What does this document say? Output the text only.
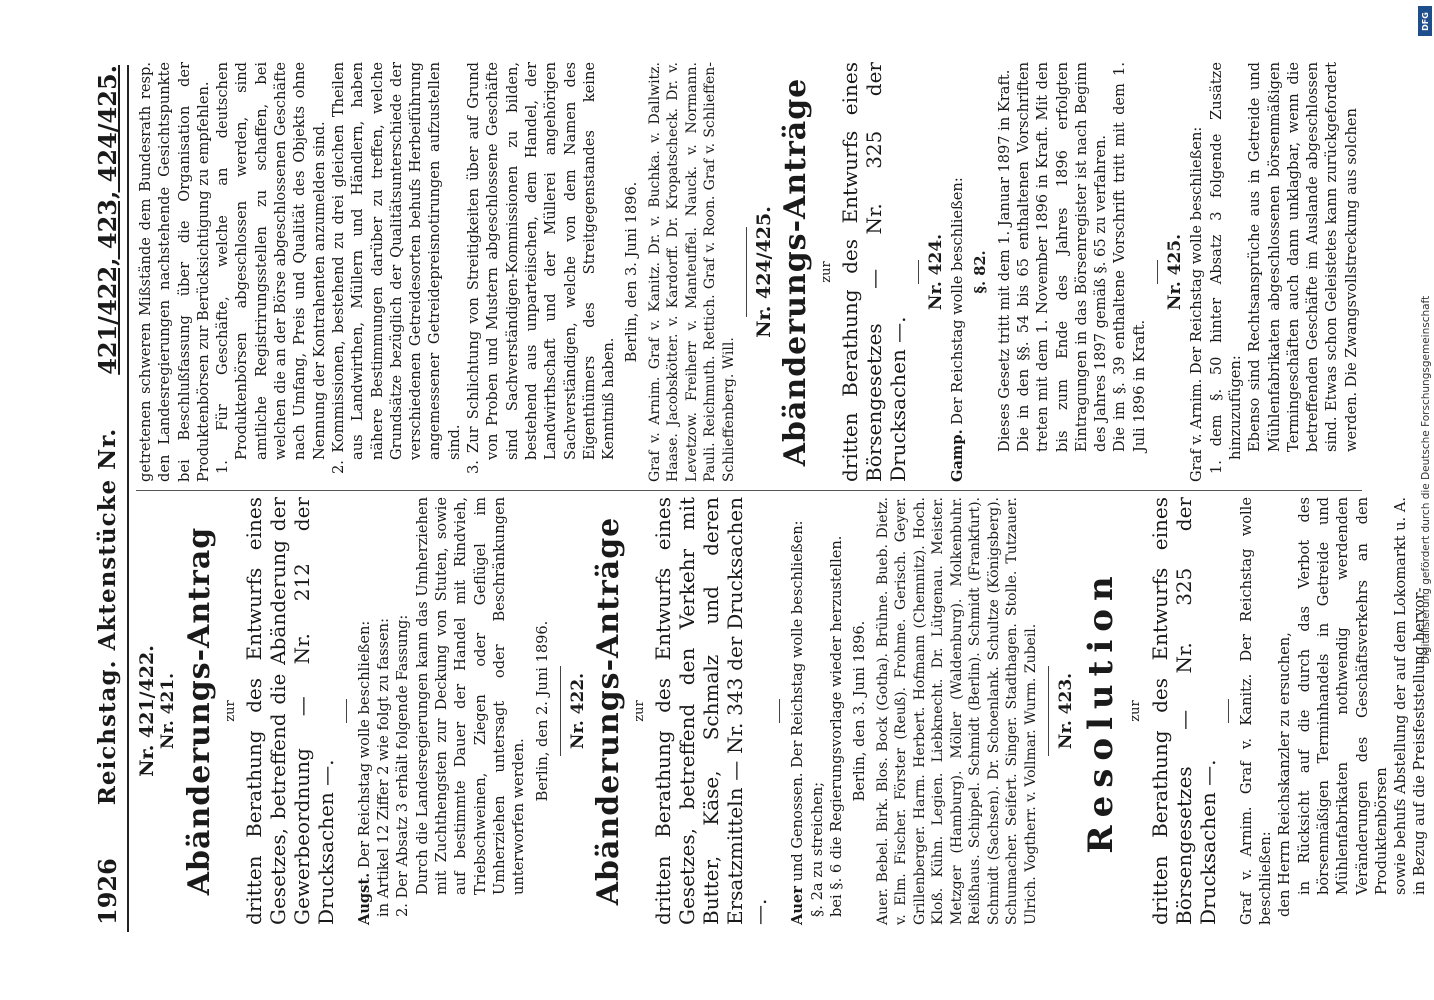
1926
Reichstag. Aktenstücke Nr.
421/422, 423, 424/425.
Nr. 421/422. Nr. 421. Abänderungs-Antrag zur dritten Berathung des Entwurfs eines Gesetzes, betreffend die Abänderung der Gewerbeordnung — Nr. 212 der Drucksachen —. Augst. Der Reichstag wolle beschließen: in Artikel 12 Ziffer 2 wie folgt zu fassen: 2. Der Absatz 3 erhält folgende Fassung: Durch die Landesregierungen kann das Umherziehen mit Zuchthengsten zur Deckung von Stuten, sowie auf bestimmte Dauer der Handel mit Rindvieh, Triebschweinen, Ziegen oder Geflügel im Umherziehen untersagt oder Beschränkungen unterworfen werden.

Berlin, den 2. Juni 1896. Nr. 422. Abänderungs-Anträge zur dritten Berathung des Entwurfs eines Gesetzes, betreffend den Verkehr mit Butter, Käse, Schmalz und deren Ersatzmitteln — Nr. 343 der Drucksachen —. Auer und Genossen. Der Reichstag wolle beschließen: §. 2a zu streichen; bei §. 6 die Regierungsvorlage wieder herzustellen. Berlin, den 3. Juni 1896. Auer. Bebel. Birk. Blos. Bock (Gotha). Brühne. Bueb. Dietz. v. Elm. Fischer. Förster (Reuß). Frohme. Gerisch. Geyer. Grillenberger. Harm. Herbert. Hofmann (Chemnitz). Hoch. Kloß. Kühn. Legien. Liebknecht. Dr. Lütgenau. Meister. Metzger (Hamburg). Möller (Waldenburg). Molkenbuhr. Reißhaus. Schippel. Schmidt (Berlin). Schmidt (Frankfurt). Schmidt (Sachsen). Dr. Schoenlank. Schultze (Königsberg). Schumacher. Seifert. Singer. Stadthagen. Stolle. Tutzauer. Ulrich. Vogtherr. v. Vollmar. Wurm. Zubeil. Nr. 423. Resolution zur dritten Berathung des Entwurfs eines Börsengesetzes — Nr. 325 der Drucksachen —. Graf v. Arnim. Graf v. Kanitz. Der Reichstag wolle beschließen: den Herrn Reichskanzler zu ersuchen, in Rücksicht auf die durch das Verbot des börsenmäßigen Terminhandels in Getreide und Mühlenfabrikaten nothwendig werdenden Veränderungen des Geschäftsverkehrs an den Produktenbörsen sowie behufs Abstellung der auf dem Lokomarkt u. A. in Bezug auf die Preisfeststellung hervor-

getretenen schweren Mißstände dem Bundesrath resp. den Landesregierungen nachstehende Gesichtspunkte bei Beschlußfassung über die Organisation der Produktenbörsen zur Berücksichtigung zu empfehlen. 1. Für Geschäfte, welche an deutschen Produktenbörsen abgeschlossen werden, sind amtliche Registrirungsstellen zu schaffen, bei welchen die an der Börse abgeschlossenen Geschäfte nach Umfang, Preis und Qualität des Objekts ohne Nennung der Kontrahenten anzumelden sind. 2. Kommissionen, bestehend zu drei gleichen Theilen aus Landwirthen, Müllern und Händlern, haben nähere Bestimmungen darüber zu treffen, welche Grundsätze bezüglich der Qualitätsunterschiede der verschiedenen Getreidesorten behufs Herbeiführung angemessener Getreidepreisnotirungen aufzustellen sind. 3. Zur Schlichtung von Streitigkeiten über auf Grund von Proben und Mustern abgeschlossene Geschäfte sind Sachverständigen-Kommissionen zu bilden, bestehend aus unparteiischen, dem Handel, der Landwirthschaft und der Müllerei angehörigen Sachverständigen, welche von dem Namen des Eigenthümers des Streitgegenstandes keine Kenntniß haben.

Berlin, den 3. Juni 1896. Graf v. Arnim. Graf v. Kanitz. Dr. v. Buchka. v. Dallwitz. Haase. Jacobskötter. v. Kardorff. Dr. Kropatscheck. Dr. v. Levetzow. Freiherr v. Manteuffel. Nauck. v. Normann. Pauli. Reichmuth. Rettich. Graf v. Roon. Graf v. Schlieffen-Schlieffenberg. Will.

Nr. 424/425. Abänderungs-Anträge zur dritten Berathung des Entwurfs eines Börsengesetzes — Nr. 325 der Drucksachen —.

Nr. 424.

Gamp. Der Reichstag wolle beschließen: §. 82. Dieses Gesetz tritt mit dem 1. Januar 1897 in Kraft. Die in den §§. 54 bis 65 enthaltenen Vorschriften treten mit dem 1. November 1896 in Kraft. Mit den bis zum Ende des Jahres 1896 erfolgten Eintragungen in das Börsenregister ist nach Beginn des Jahres 1897 gemäß §. 65 zu verfahren. Die im §. 39 enthaltene Vorschrift tritt mit dem 1. Juli 1896 in Kraft.

Nr. 425. Graf v. Arnim. Der Reichstag wolle beschließen: 1. dem §. 50 hinter Absatz 3 folgende Zusätze hinzuzufügen: Ebenso sind Rechtsansprüche aus in Getreide und Mühlenfabrikaten abgeschlossenen börsenmäßigen Termingeschäften auch dann unklagbar, wenn die betreffenden Geschäfte im Auslande abgeschlossen sind. Etwas schon Geleistetes kann zurückgefordert werden. Die Zwangsvollstreckung aus solchen

DFG
Digitalisierung gefördert durch die Deutsche Forschungsgemeinschaft
